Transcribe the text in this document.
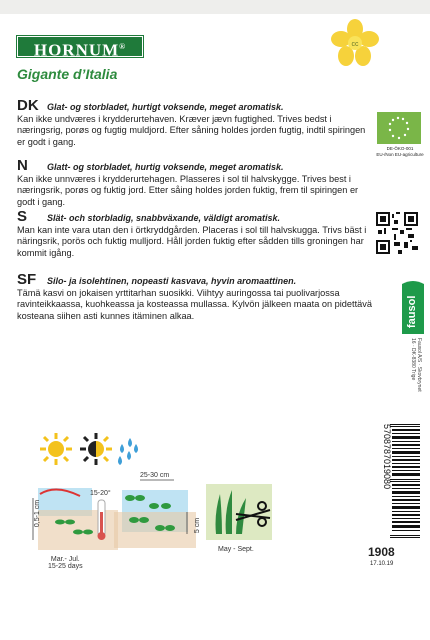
HORNUM®	cc
Gigante d’Italia

DK Glat- og storbladet, hurtigt voksende, meget aromatisk.

Kan ikke undværes i krydderurtehaven. Kræver jævn fugtighed. Trives bedst i næringsrig, porøs og fugtig muldjord. Efter såning holdes jorden fugtig, indtil spiringen er godt i gang.

N Glatt- og storbladet, hurtig voksende, meget aromatisk.

Kan ikke unnværes i krydderurtehagen. Plasseres i sol til halvskygge. Trives best i næringsrik, porøs og fuktig jord. Etter såing holdes jorden fuktig, frem til spiringen er godt i gang.

S Slät- och storbladig, snabbväxande, väldigt aromatisk.

Man kan inte vara utan den i örtkryddgården. Placeras i sol till halvskugga. Trivs bäst i näringsrik, porös och fuktig mulljord. Håll jorden fuktig efter sådden tills groningen har kommit igång.

SF Silo- ja isolehtinen, nopeasti kasvava, hyvin aromaattinen.

Tämä kasvi on jokaisen yrttitarhan suosikki. Viihtyy auringossa tai puolivarjossa ravinteikkaassa, kuohkeassa ja kosteassa mullassa. Kylvön jälkeen maata on pidettävä kosteana siihen asti kunnes itäminen alkaa.

DE-ÖKO-001
EU-/Non EU-agriculture
fausol
Fausol A/S · Skovbrynet 16 · DK-8380 Trige
5708787019080
1908
17.10.19
0,5-1 cm
15-20°
25-30 cm
5 cm
Mar.- Jul.
15-25 days
May - Sept.
